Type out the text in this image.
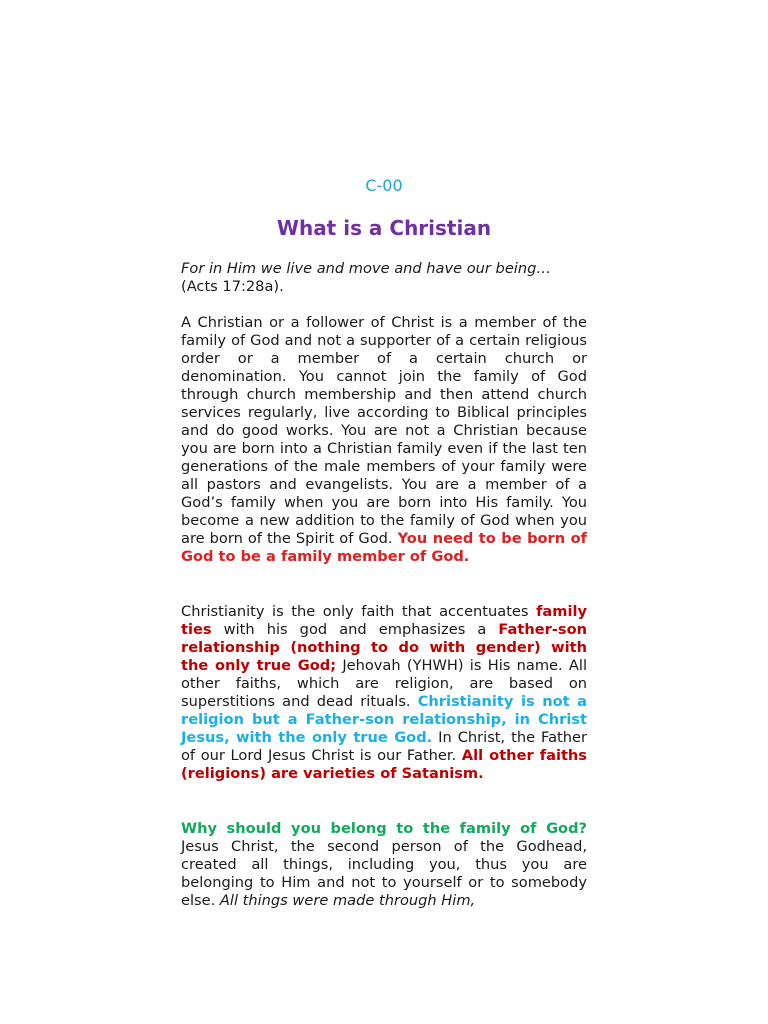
C-00
What is a Christian
For in Him we live and move and have our being…
(Acts 17:28a).
A Christian or a follower of Christ is a member of the family of God and not a supporter of a certain religious order or a member of a certain church or denomination. You cannot join the family of God through church membership and then attend church services regularly, live according to Biblical principles and do good works. You are not a Christian because you are born into a Christian family even if the last ten generations of the male members of your family were all pastors and evangelists. You are a member of a God’s family when you are born into His family. You become a new addition to the family of God when you are born of the Spirit of God. You need to be born of God to be a family member of God.
Christianity is the only faith that accentuates family ties with his god and emphasizes a Father-son relationship (nothing to do with gender) with the only true God; Jehovah (YHWH) is His name. All other faiths, which are religion, are based on superstitions and dead rituals. Christianity is not a religion but a Father-son relationship, in Christ Jesus, with the only true God. In Christ, the Father of our Lord Jesus Christ is our Father. All other faiths (religions) are varieties of Satanism.
Why should you belong to the family of God? Jesus Christ, the second person of the Godhead, created all things, including you, thus you are belonging to Him and not to yourself or to somebody else. All things were made through Him,
